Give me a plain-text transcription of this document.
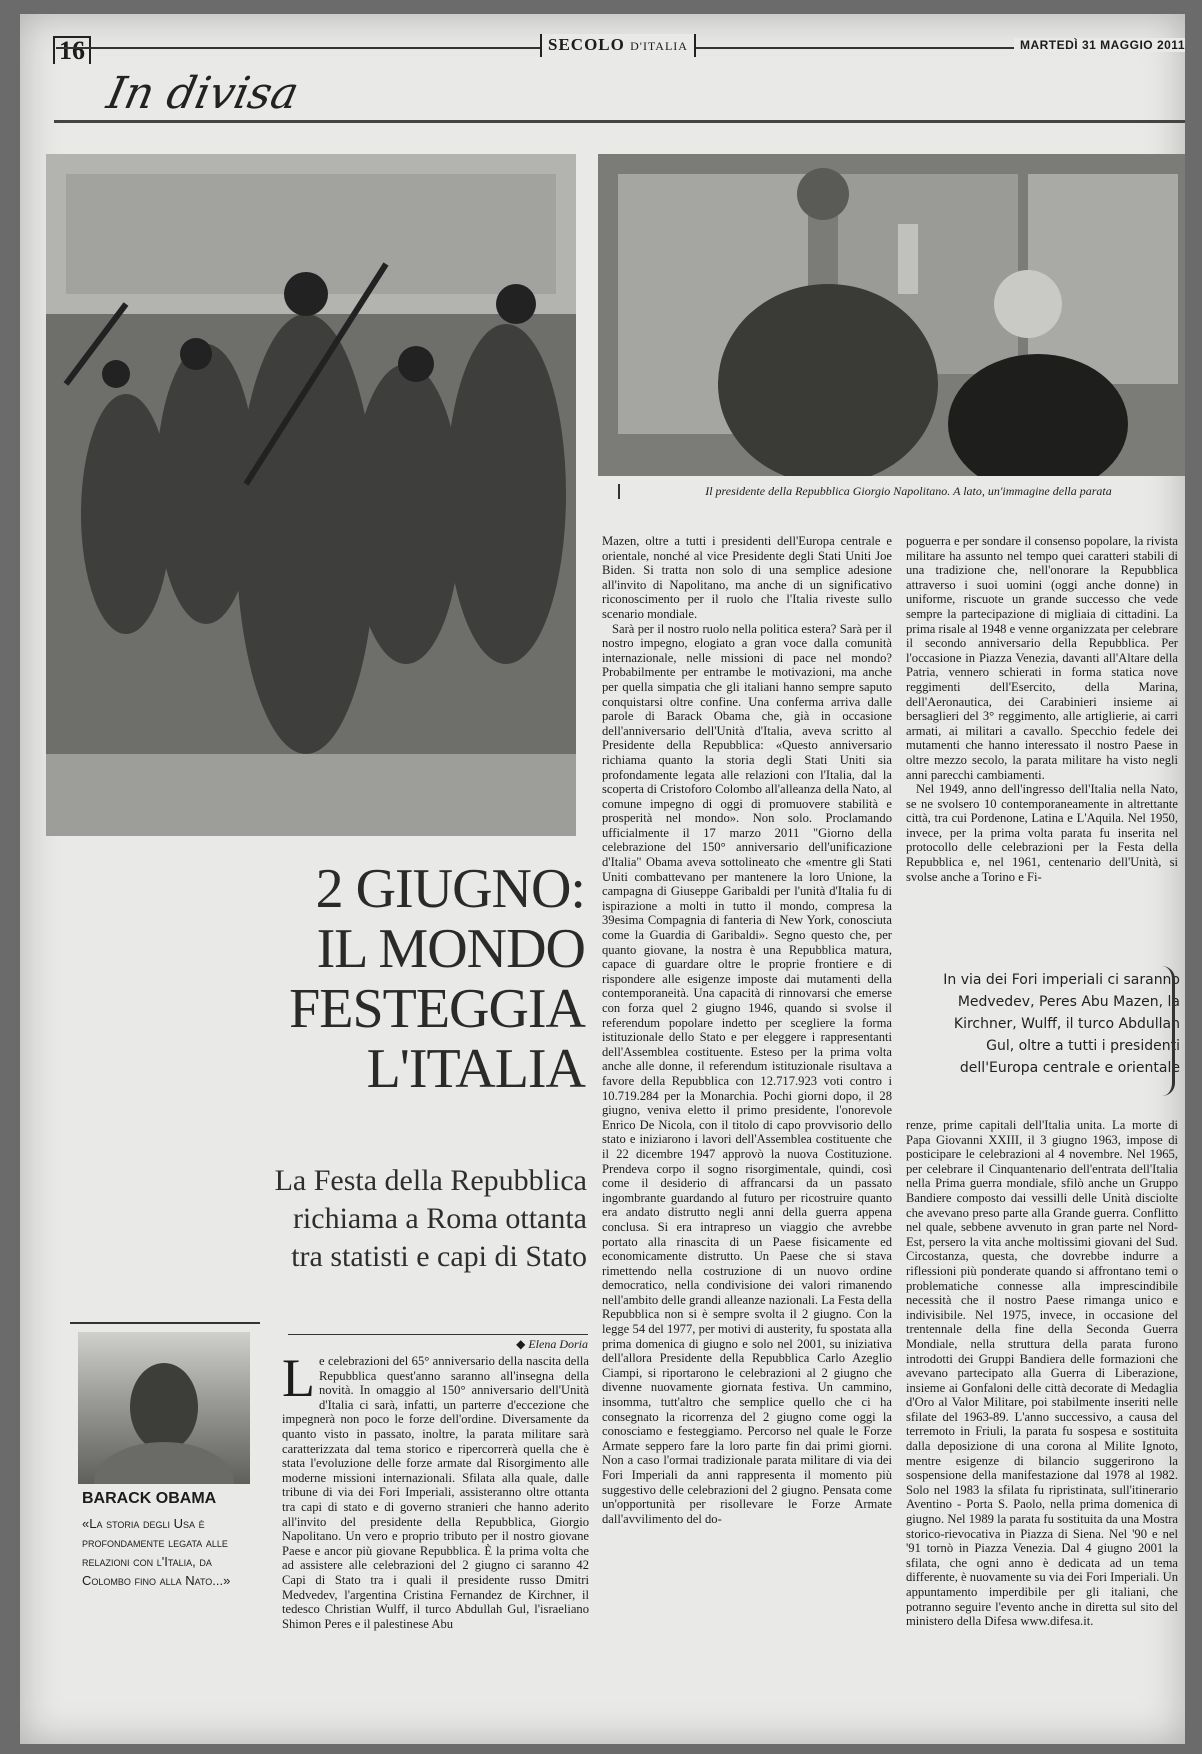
16	SECOLO D'ITALIA	MARTEDÌ 31 MAGGIO 2011
In divisa
Il presidente della Repubblica Giorgio Napolitano. A lato, un'immagine della parata
2 GIUGNO:
IL MONDO
FESTEGGIA
L'ITALIA
La Festa della Repubblica
richiama a Roma ottanta
tra statisti e capi di Stato
◆ Elena Doria
BARACK OBAMA
«La storia degli Usa è profondamente legata alle relazioni con l'Italia, da Colombo fino alla Nato...»
L e celebrazioni del 65° anniversario della nascita della Repubblica quest'anno saranno all'insegna della novità. In omaggio al 150° anniversario dell'Unità d'Italia ci sarà, infatti, un parterre d'eccezione che impegnerà non poco le forze dell'ordine. Diversamente da quanto visto in passato, inoltre, la parata militare sarà caratterizzata dal tema storico e ripercorrerà quella che è stata l'evoluzione delle forze armate dal Risorgimento alle moderne missioni internazionali. Sfilata alla quale, dalle tribune di via dei Fori Imperiali, assisteranno oltre ottanta tra capi di stato e di governo stranieri che hanno aderito all'invito del presidente della Repubblica, Giorgio Napolitano. Un vero e proprio tributo per il nostro giovane Paese e ancor più giovane Repubblica. È la prima volta che ad assistere alle celebrazioni del 2 giugno ci saranno 42 Capi di Stato tra i quali il presidente russo Dmitri Medvedev, l'argentina Cristina Fernandez de Kirchner, il tedesco Christian Wulff, il turco Abdullah Gul, l'israeliano Shimon Peres e il palestinese Abu

Mazen, oltre a tutti i presidenti dell'Europa centrale e orientale, nonché al vice Presidente degli Stati Uniti Joe Biden. Si tratta non solo di una semplice adesione all'invito di Napolitano, ma anche di un significativo riconoscimento per il ruolo che l'Italia riveste sullo scenario mondiale.

Sarà per il nostro ruolo nella politica estera? Sarà per il nostro impegno, elogiato a gran voce dalla comunità internazionale, nelle missioni di pace nel mondo? Probabilmente per entrambe le motivazioni, ma anche per quella simpatia che gli italiani hanno sempre saputo conquistarsi oltre confine. Una conferma arriva dalle parole di Barack Obama che, già in occasione dell'anniversario dell'Unità d'Italia, aveva scritto al Presidente della Repubblica: «Questo anniversario richiama quanto la storia degli Stati Uniti sia profondamente legata alle relazioni con l'Italia, dal la scoperta di Cristoforo Colombo all'alleanza della Nato, al comune impegno di oggi di promuovere stabilità e prosperità nel mondo». Non solo. Proclamando ufficialmente il 17 marzo 2011 "Giorno della celebrazione del 150° anniversario dell'unificazione d'Italia" Obama aveva sottolineato che «mentre gli Stati Uniti combattevano per mantenere la loro Unione, la campagna di Giuseppe Garibaldi per l'unità d'Italia fu di ispirazione a molti in tutto il mondo, compresa la 39esima Compagnia di fanteria di New York, conosciuta come la Guardia di Garibaldi». Segno questo che, per quanto giovane, la nostra è una Repubblica matura, capace di guardare oltre le proprie frontiere e di rispondere alle esigenze imposte dai mutamenti della contemporaneità. Una capacità di rinnovarsi che emerse con forza quel 2 giugno 1946, quando si svolse il referendum popolare indetto per scegliere la forma istituzionale dello Stato e per eleggere i rappresentanti dell'Assemblea costituente. Esteso per la prima volta anche alle donne, il referendum istituzionale risultava a favore della Repubblica con 12.717.923 voti contro i 10.719.284 per la Monarchia. Pochi giorni dopo, il 28 giugno, veniva eletto il primo presidente, l'onorevole Enrico De Nicola, con il titolo di capo provvisorio dello stato e iniziarono i lavori dell'Assemblea costituente che il 22 dicembre 1947 approvò la nuova Costituzione. Prendeva corpo il sogno risorgimentale, quindi, così come il desiderio di affrancarsi da un passato ingombrante guardando al futuro per ricostruire quanto era andato distrutto negli anni della guerra appena conclusa. Si era intrapreso un viaggio che avrebbe portato alla rinascita di un Paese fisicamente ed economicamente distrutto. Un Paese che si stava rimettendo nella costruzione di un nuovo ordine democratico, nella condivisione dei valori rimanendo nell'ambito delle grandi alleanze nazionali. La Festa della Repubblica non si è sempre svolta il 2 giugno. Con la legge 54 del 1977, per motivi di austerity, fu spostata alla prima domenica di giugno e solo nel 2001, su iniziativa dell'allora Presidente della Repubblica Carlo Azeglio Ciampi, si riportarono le celebrazioni al 2 giugno che divenne nuovamente giornata festiva. Un cammino, insomma, tutt'altro che semplice quello che ci ha consegnato la ricorrenza del 2 giugno come oggi la conosciamo e festeggiamo. Percorso nel quale le Forze Armate seppero fare la loro parte fin dai primi giorni. Non a caso l'ormai tradizionale parata militare di via dei Fori Imperiali da anni rappresenta il momento più suggestivo delle celebrazioni del 2 giugno. Pensata come un'opportunità per risollevare le Forze Armate dall'avvilimento del do-

poguerra e per sondare il consenso popolare, la rivista militare ha assunto nel tempo quei caratteri stabili di una tradizione che, nell'onorare la Repubblica attraverso i suoi uomini (oggi anche donne) in uniforme, riscuote un grande successo che vede sempre la partecipazione di migliaia di cittadini. La prima risale al 1948 e venne organizzata per celebrare il secondo anniversario della Repubblica. Per l'occasione in Piazza Venezia, davanti all'Altare della Patria, vennero schierati in forma statica nove reggimenti dell'Esercito, della Marina, dell'Aeronautica, dei Carabinieri insieme ai bersaglieri del 3° reggimento, alle artiglierie, ai carri armati, ai militari a cavallo. Specchio fedele dei mutamenti che hanno interessato il nostro Paese in oltre mezzo secolo, la parata militare ha visto negli anni parecchi cambiamenti.

Nel 1949, anno dell'ingresso dell'Italia nella Nato, se ne svolsero 10 contemporaneamente in altrettante città, tra cui Pordenone, Latina e L'Aquila. Nel 1950, invece, per la prima volta parata fu inserita nel protocollo delle celebrazioni per la Festa della Repubblica e, nel 1961, centenario dell'Unità, si svolse anche a Torino e Fi-

In via dei Fori imperiali ci saranno Medvedev, Peres Abu Mazen, la Kirchner, Wulff, il turco Abdullah Gul, oltre a tutti i presidenti dell'Europa centrale e orientale

renze, prime capitali dell'Italia unita. La morte di Papa Giovanni XXIII, il 3 giugno 1963, impose di posticipare le celebrazioni al 4 novembre. Nel 1965, per celebrare il Cinquantenario dell'entrata dell'Italia nella Prima guerra mondiale, sfilò anche un Gruppo Bandiere composto dai vessilli delle Unità disciolte che avevano preso parte alla Grande guerra. Conflitto nel quale, sebbene avvenuto in gran parte nel Nord-Est, persero la vita anche moltissimi giovani del Sud. Circostanza, questa, che dovrebbe indurre a riflessioni più ponderate quando si affrontano temi o problematiche connesse alla imprescindibile necessità che il nostro Paese rimanga unico e indivisibile. Nel 1975, invece, in occasione del trentennale della fine della Seconda Guerra Mondiale, nella struttura della parata furono introdotti dei Gruppi Bandiera delle formazioni che avevano partecipato alla Guerra di Liberazione, insieme ai Gonfaloni delle città decorate di Medaglia d'Oro al Valor Militare, poi stabilmente inseriti nelle sfilate del 1963-89. L'anno successivo, a causa del terremoto in Friuli, la parata fu sospesa e sostituita dalla deposizione di una corona al Milite Ignoto, mentre esigenze di bilancio suggerirono la sospensione della manifestazione dal 1978 al 1982. Solo nel 1983 la sfilata fu ripristinata, sull'itinerario Aventino - Porta S. Paolo, nella prima domenica di giugno. Nel 1989 la parata fu sostituita da una Mostra storico-rievocativa in Piazza di Siena. Nel '90 e nel '91 tornò in Piazza Venezia. Dal 4 giugno 2001 la sfilata, che ogni anno è dedicata ad un tema differente, è nuovamente su via dei Fori Imperiali. Un appuntamento imperdibile per gli italiani, che potranno seguire l'evento anche in diretta sul sito del ministero della Difesa www.difesa.it.
